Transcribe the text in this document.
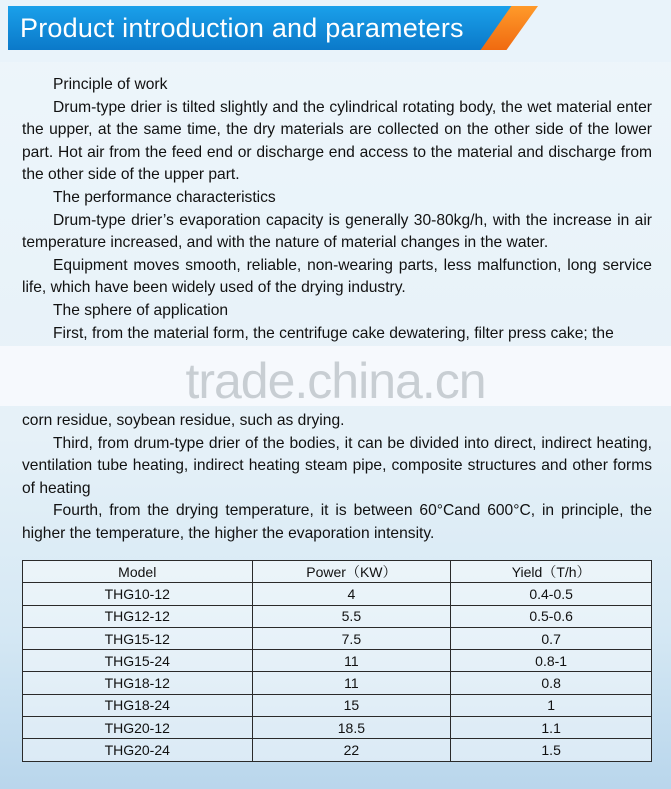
Product introduction and parameters

Principle of work

Drum-type drier is tilted slightly and the cylindrical rotating body, the wet material enter the upper, at the same time, the dry materials are collected on the other side of the lower part. Hot air from the feed end or discharge end access to the material and discharge from the other side of the upper part.

The performance characteristics

Drum-type drier’s evaporation capacity is generally 30-80kg/h, with the increase in air temperature increased, and with the nature of material changes in the water.

Equipment moves smooth, reliable, non-wearing parts, less malfunction, long service life, which have been widely used of the drying industry.

The sphere of application

First, from the material form, the centrifuge cake dewatering, filter press cake; the

trade.china.cn

corn residue, soybean residue, such as drying.

Third, from drum-type drier of the bodies, it can be divided into direct, indirect heating, ventilation tube heating, indirect heating steam pipe, composite structures and other forms of heating

Fourth, from the drying temperature, it is between 60°Cand 600°C, in principle, the higher the temperature, the higher the evaporation intensity.

Model	Power（KW）	Yield（T/h）
THG10-12	4	0.4-0.5
THG12-12	5.5	0.5-0.6
THG15-12	7.5	0.7
THG15-24	11	0.8-1
THG18-12	11	0.8
THG18-24	15	1
THG20-12	18.5	1.1
THG20-24	22	1.5
